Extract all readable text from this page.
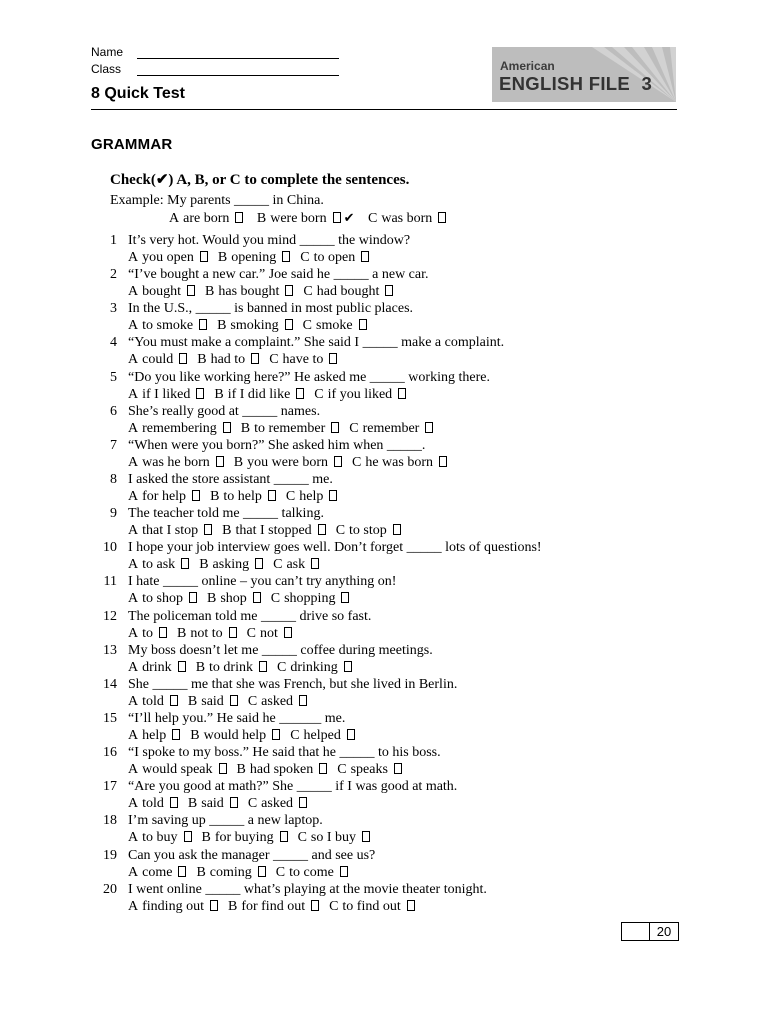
Name
Class
8 Quick Test
American
ENGLISH FILE 3
GRAMMAR
Check(✔) A, B, or C to complete the sentences.
Example: My parents _____ in China.
A are born B were born ✔ C was born
1 It’s very hot. Would you mind _____ the window?
A you open B opening C to open
2 “I’ve bought a new car.” Joe said he _____ a new car.
A bought B has bought C had bought
3 In the U.S., _____ is banned in most public places.
A to smoke B smoking C smoke
4 “You must make a complaint.” She said I _____ make a complaint.
A could B had to C have to
5 “Do you like working here?” He asked me _____ working there.
A if I liked B if I did like C if you liked
6 She’s really good at _____ names.
A remembering B to remember C remember
7 “When were you born?” She asked him when _____.
A was he born B you were born C he was born
8 I asked the store assistant _____ me.
A for help B to help C help
9 The teacher told me _____ talking.
A that I stop B that I stopped C to stop
10 I hope your job interview goes well. Don’t forget _____ lots of questions!
A to ask B asking C ask
11 I hate _____ online – you can’t try anything on!
A to shop B shop C shopping
12 The policeman told me _____ drive so fast.
A to B not to C not
13 My boss doesn’t let me _____ coffee during meetings.
A drink B to drink C drinking
14 She _____ me that she was French, but she lived in Berlin.
A told B said C asked
15 “I’ll help you.” He said he ______ me.
A help B would help C helped
16 “I spoke to my boss.” He said that he _____ to his boss.
A would speak B had spoken C speaks
17 “Are you good at math?” She _____ if I was good at math.
A told B said C asked
18 I’m saving up _____ a new laptop.
A to buy B for buying C so I buy
19 Can you ask the manager _____ and see us?
A come B coming C to come
20 I went online _____ what’s playing at the movie theater tonight.
A finding out B for find out C to find out
20
